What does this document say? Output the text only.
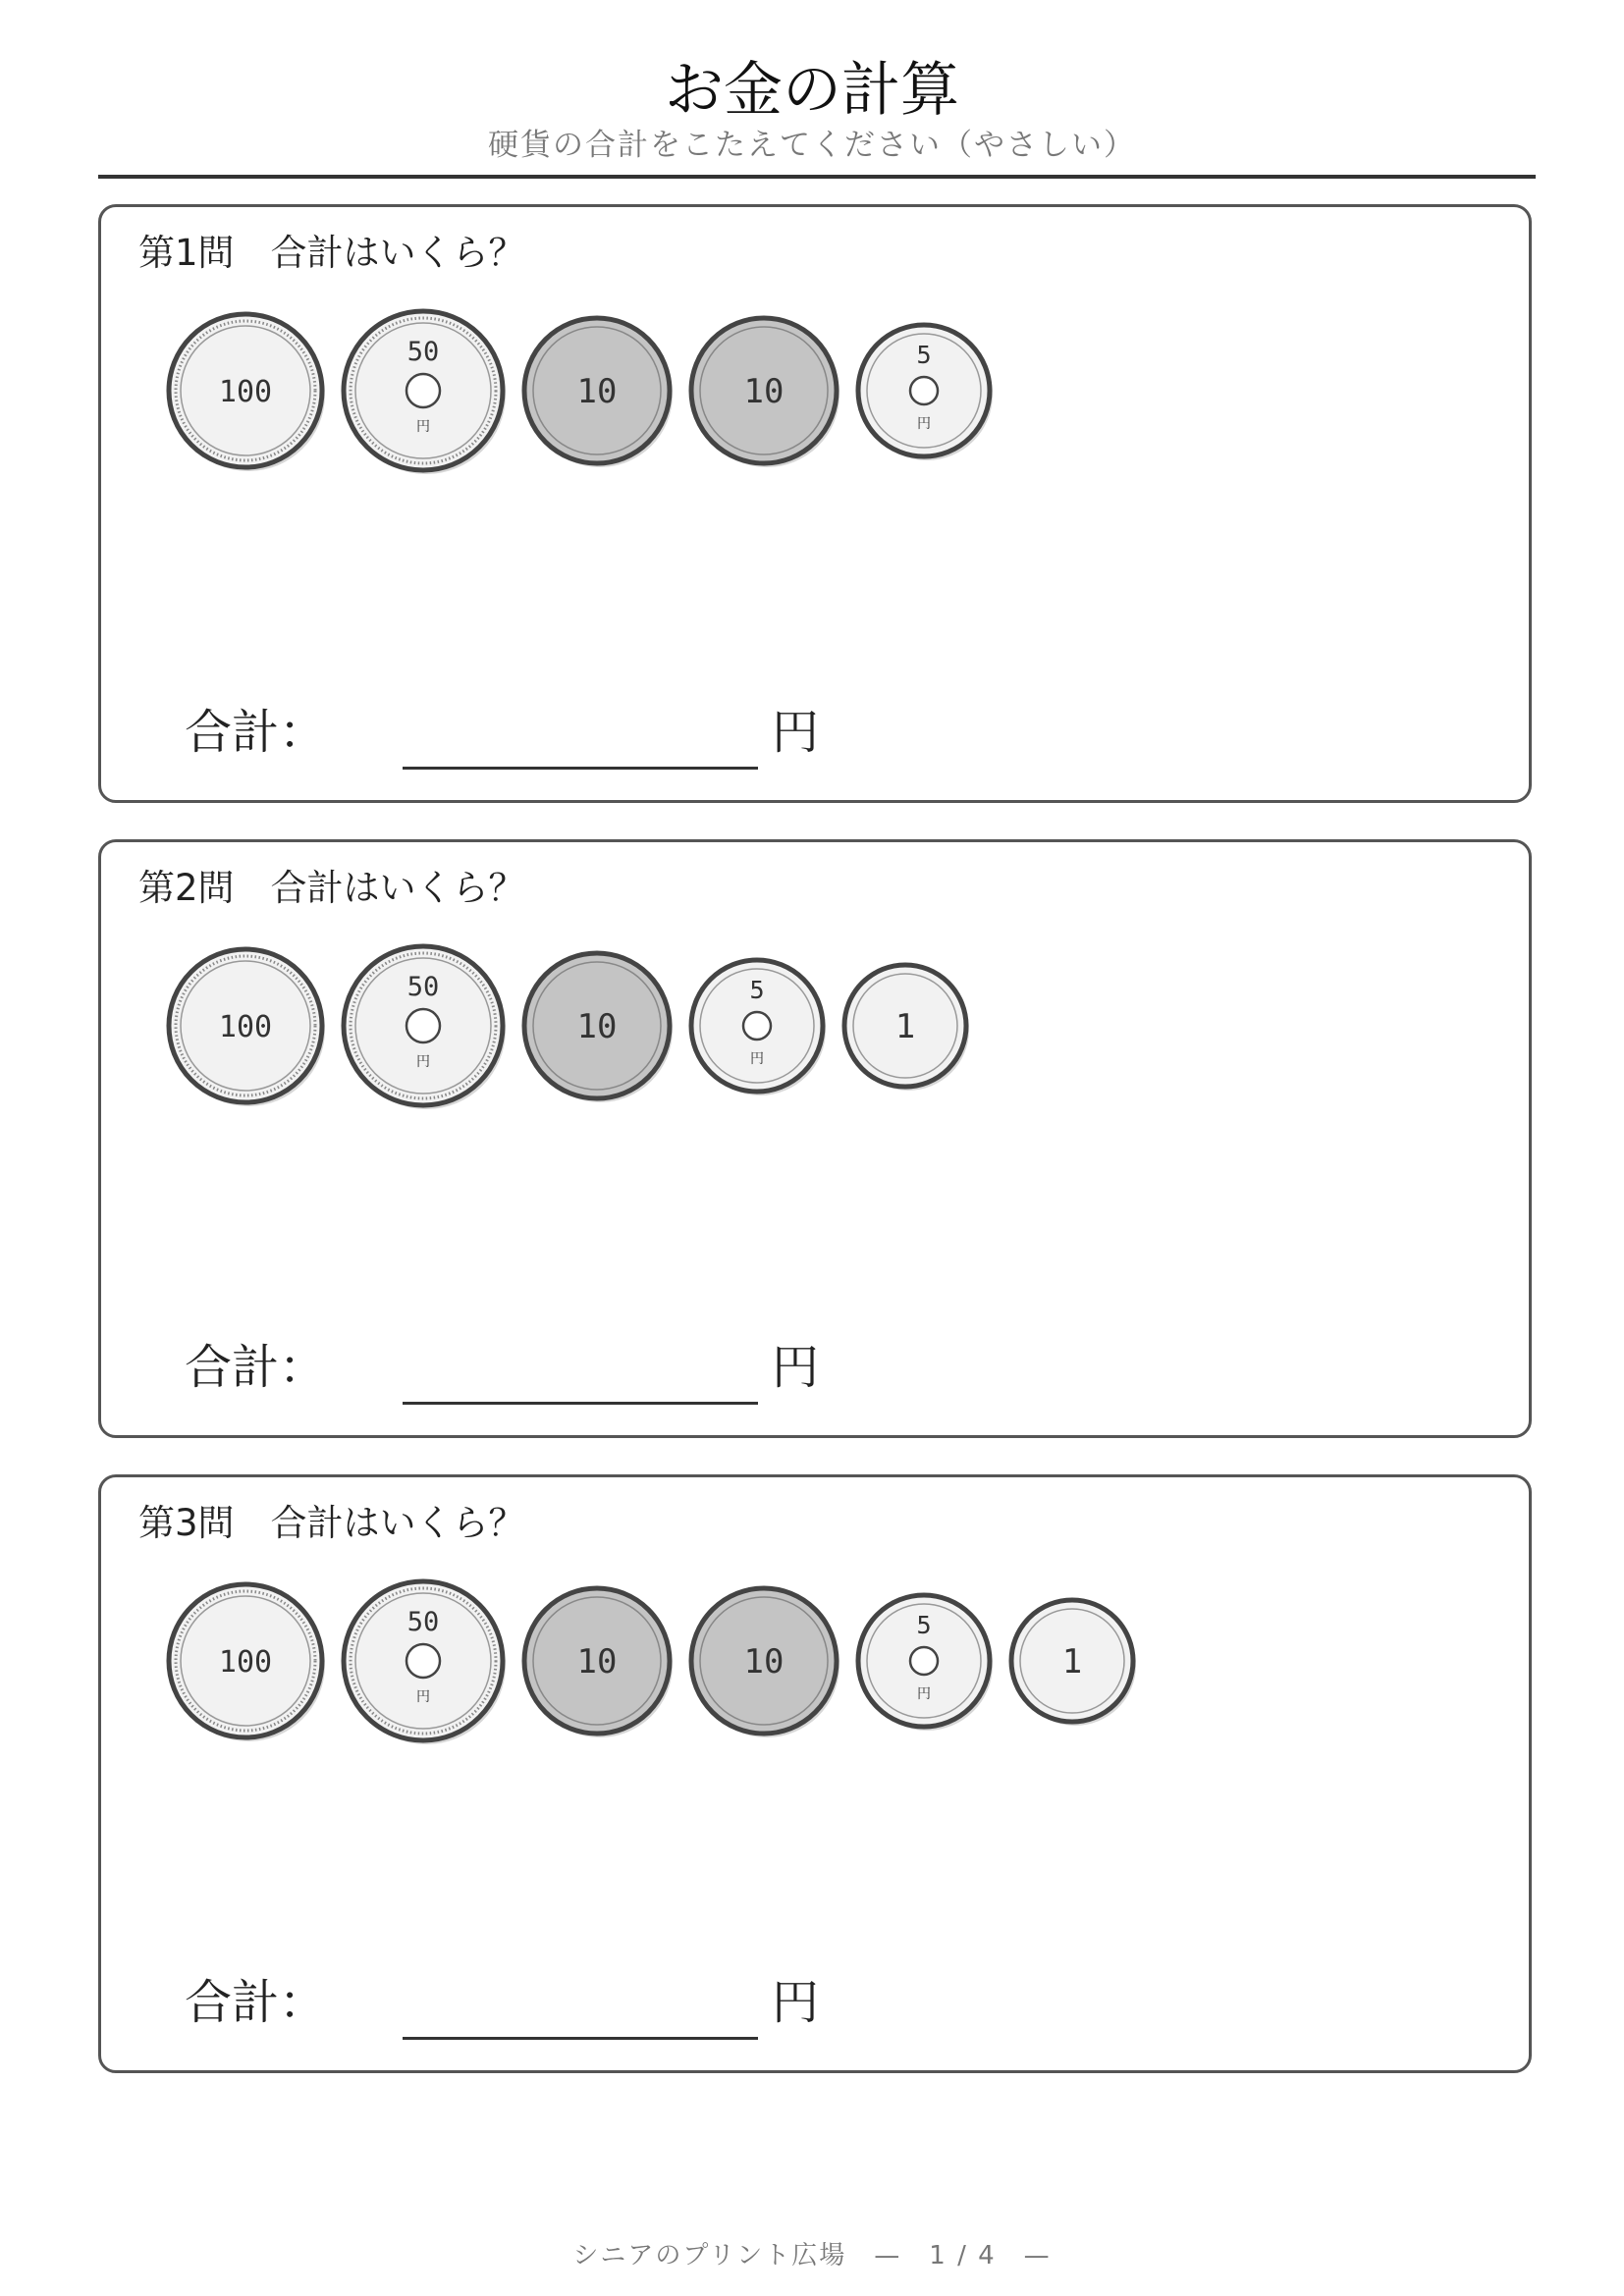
お金の計算
硬貨の合計をこたえてください（やさしい）
第1問　合計はいくら？
100
50
円
10	10
5
円
合計：	円
第2問　合計はいくら？
100
50
円
10
5
円
1
合計：	円
第3問　合計はいくら？
100
50
円
10	10
5
円
1
合計：	円
シニアのプリント広場　—　1 / 4　—
